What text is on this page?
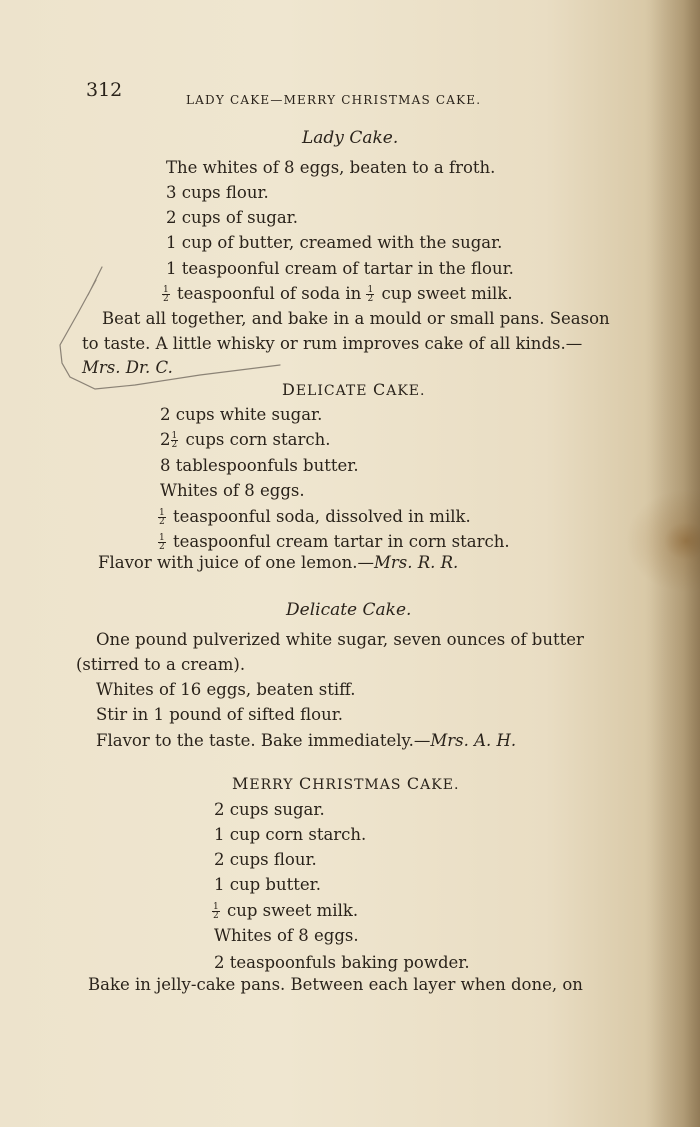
312	LADY CAKE—MERRY CHRISTMAS CAKE.
Lady Cake.
The whites of 8 eggs, beaten to a froth.
3 cups flour.
2 cups of sugar.
1 cup of butter, creamed with the sugar.
1 teaspoonful cream of tartar in the flour.
$\frac{1}{2}$ teaspoonful of soda in $\frac{1}{2}$ cup sweet milk.
Beat all together, and bake in a mould or small pans. Season
to taste. A little whisky or rum improves cake of all kinds.—
Mrs. Dr. C.
DELICATE CAKE.
2 cups white sugar.
$2 \frac{1}{2}$ cups corn starch.
8 tablespoonfuls butter.
Whites of 8 eggs.
$\frac{1}{2}$ teaspoonful soda, dissolved in milk.
$\frac{1}{2}$ teaspoonful cream tartar in corn starch.
Flavor with juice of one lemon.—Mrs. R. R.
Delicate Cake.
One pound pulverized white sugar, seven ounces of butter
(stirred to a cream).
Whites of 16 eggs, beaten stiff.
Stir in 1 pound of sifted flour.
Flavor to the taste. Bake immediately.—Mrs. A. H.
MERRY CHRISTMAS CAKE.
2 cups sugar.
1 cup corn starch.
2 cups flour.
1 cup butter.
$\frac{1}{2}$ cup sweet milk.
Whites of 8 eggs.
2 teaspoonfuls baking powder.
Bake in jelly-cake pans. Between each layer when done, on
